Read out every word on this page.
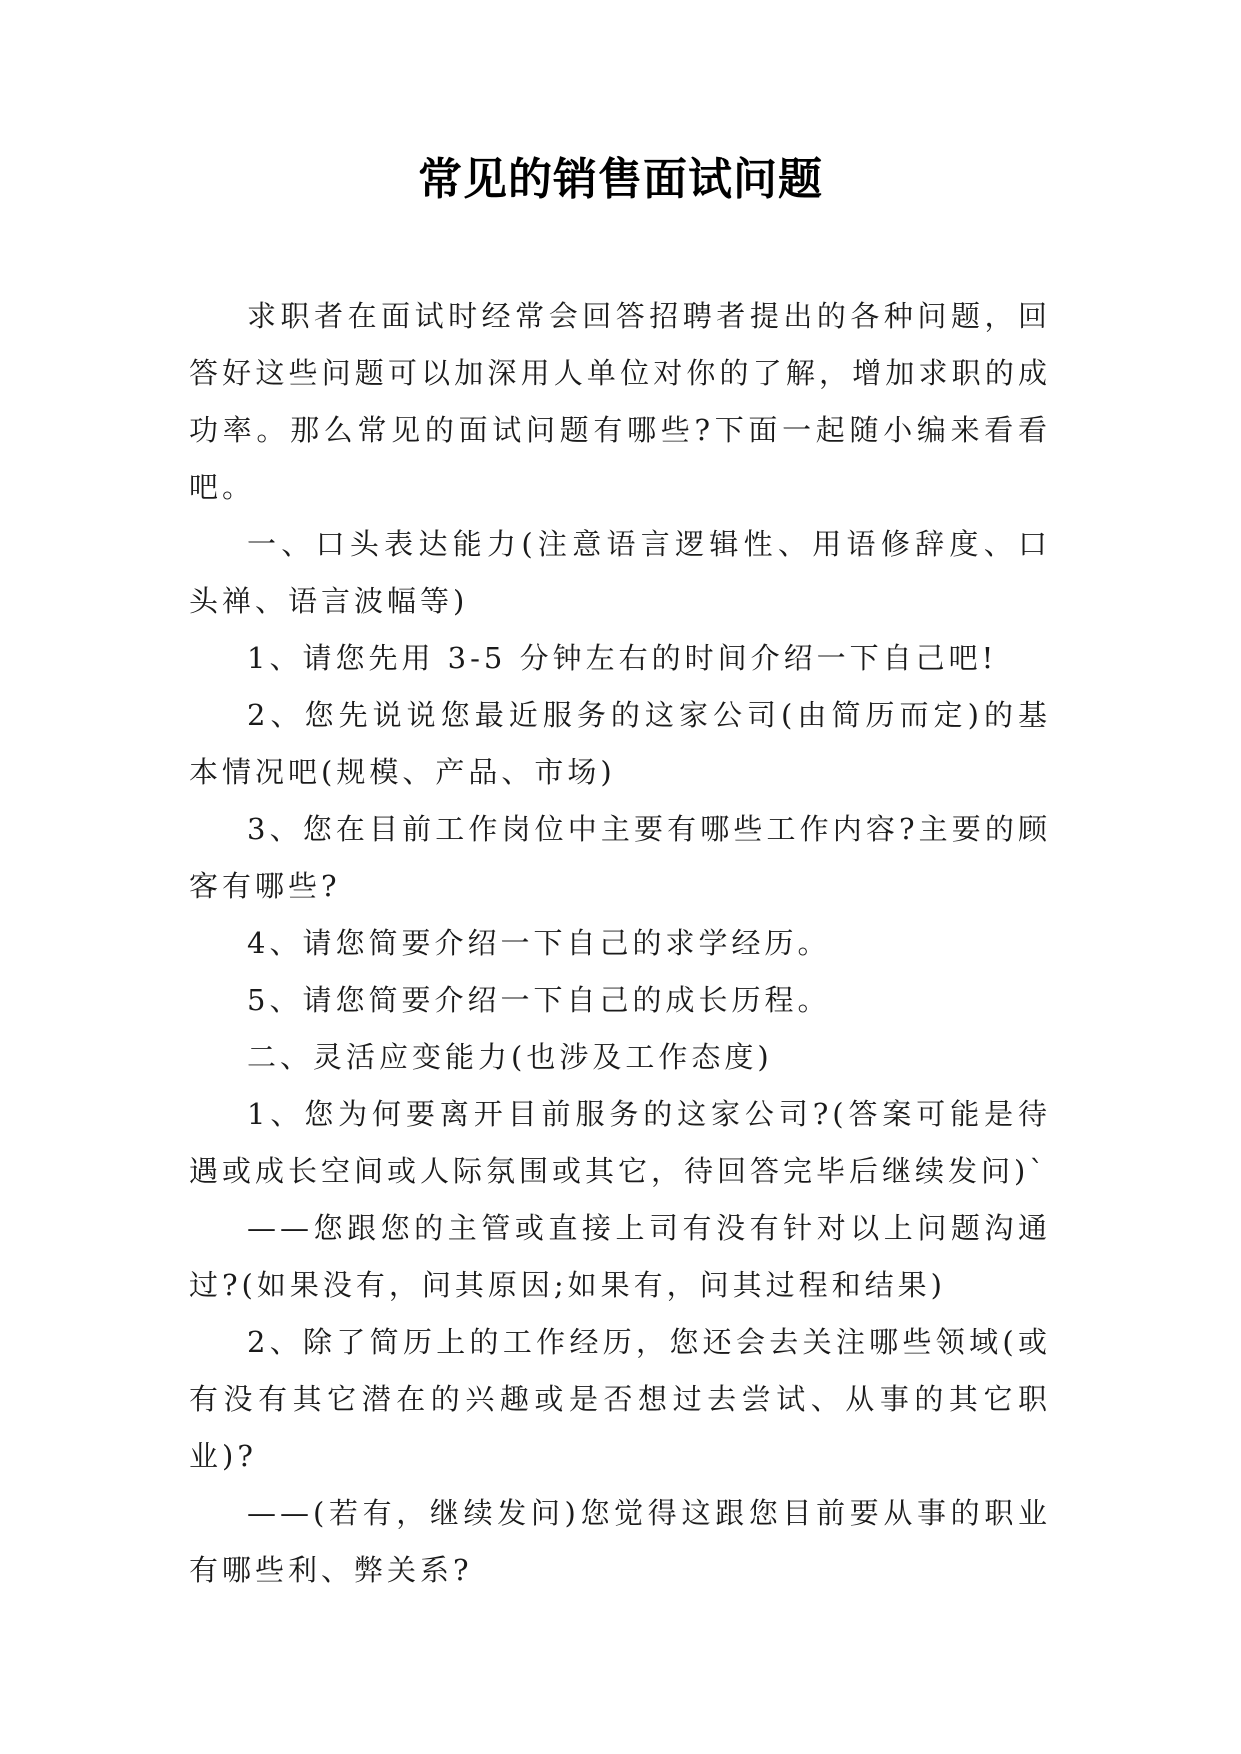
常见的销售面试问题

求职者在面试时经常会回答招聘者提出的各种问题，回答好这些问题可以加深用人单位对你的了解，增加求职的成功率。那么常见的面试问题有哪些?下面一起随小编来看看吧。

一、口头表达能力(注意语言逻辑性、用语修辞度、口头禅、语言波幅等)

1、请您先用 3-5 分钟左右的时间介绍一下自己吧!

2、您先说说您最近服务的这家公司(由简历而定)的基本情况吧(规模、产品、市场)

3、您在目前工作岗位中主要有哪些工作内容?主要的顾客有哪些?

4、请您简要介绍一下自己的求学经历。

5、请您简要介绍一下自己的成长历程。

二、灵活应变能力(也涉及工作态度)

1、您为何要离开目前服务的这家公司?(答案可能是待遇或成长空间或人际氛围或其它，待回答完毕后继续发问)`

——您跟您的主管或直接上司有没有针对以上问题沟通过?(如果没有，问其原因;如果有，问其过程和结果)

2、除了简历上的工作经历，您还会去关注哪些领域(或有没有其它潜在的兴趣或是否想过去尝试、从事的其它职业)?

——(若有，继续发问)您觉得这跟您目前要从事的职业有哪些利、弊关系?
